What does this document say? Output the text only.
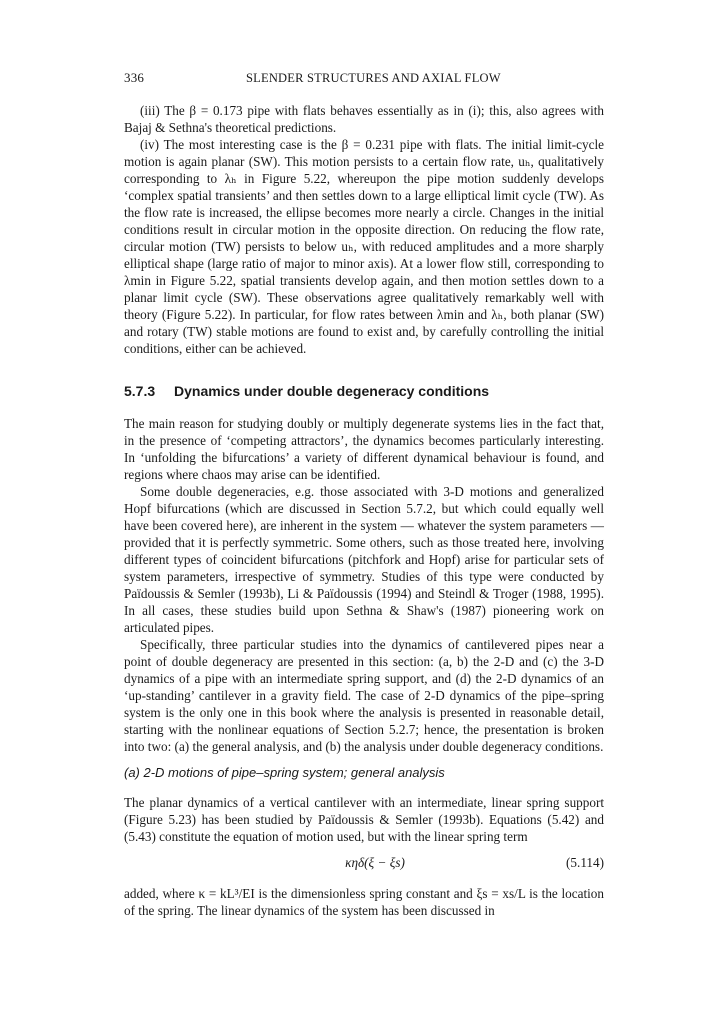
336	SLENDER STRUCTURES AND AXIAL FLOW

(iii) The β = 0.173 pipe with flats behaves essentially as in (i); this, also agrees with Bajaj & Sethna's theoretical predictions.

(iv) The most interesting case is the β = 0.231 pipe with flats. The initial limit-cycle motion is again planar (SW). This motion persists to a certain flow rate, uₕ, qualitatively corresponding to λₕ in Figure 5.22, whereupon the pipe motion suddenly develops ‘complex spatial transients’ and then settles down to a large elliptical limit cycle (TW). As the flow rate is increased, the ellipse becomes more nearly a circle. Changes in the initial conditions result in circular motion in the opposite direction. On reducing the flow rate, circular motion (TW) persists to below uₕ, with reduced amplitudes and a more sharply elliptical shape (large ratio of major to minor axis). At a lower flow still, corresponding to λmin in Figure 5.22, spatial transients develop again, and then motion settles down to a planar limit cycle (SW). These observations agree qualitatively remarkably well with theory (Figure 5.22). In particular, for flow rates between λmin and λₕ, both planar (SW) and rotary (TW) stable motions are found to exist and, by carefully controlling the initial conditions, either can be achieved.

5.7.3	Dynamics under double degeneracy conditions

The main reason for studying doubly or multiply degenerate systems lies in the fact that, in the presence of ‘competing attractors’, the dynamics becomes particularly interesting. In ‘unfolding the bifurcations’ a variety of different dynamical behaviour is found, and regions where chaos may arise can be identified.

Some double degeneracies, e.g. those associated with 3-D motions and generalized Hopf bifurcations (which are discussed in Section 5.7.2, but which could equally well have been covered here), are inherent in the system — whatever the system parameters — provided that it is perfectly symmetric. Some others, such as those treated here, involving different types of coincident bifurcations (pitchfork and Hopf) arise for particular sets of system parameters, irrespective of symmetry. Studies of this type were conducted by Païdoussis & Semler (1993b), Li & Païdoussis (1994) and Steindl & Troger (1988, 1995). In all cases, these studies build upon Sethna & Shaw's (1987) pioneering work on articulated pipes.

Specifically, three particular studies into the dynamics of cantilevered pipes near a point of double degeneracy are presented in this section: (a, b) the 2-D and (c) the 3-D dynamics of a pipe with an intermediate spring support, and (d) the 2-D dynamics of an ‘up-standing’ cantilever in a gravity field. The case of 2-D dynamics of the pipe–spring system is the only one in this book where the analysis is presented in reasonable detail, starting with the nonlinear equations of Section 5.2.7; hence, the presentation is broken into two: (a) the general analysis, and (b) the analysis under double degeneracy conditions.

(a) 2-D motions of pipe–spring system; general analysis

The planar dynamics of a vertical cantilever with an intermediate, linear spring support (Figure 5.23) has been studied by Païdoussis & Semler (1993b). Equations (5.42) and (5.43) constitute the equation of motion used, but with the linear spring term

κηδ(ξ − ξs)	(5.114)

added, where κ = kL³/EI is the dimensionless spring constant and ξs = xs/L is the location of the spring. The linear dynamics of the system has been discussed in
